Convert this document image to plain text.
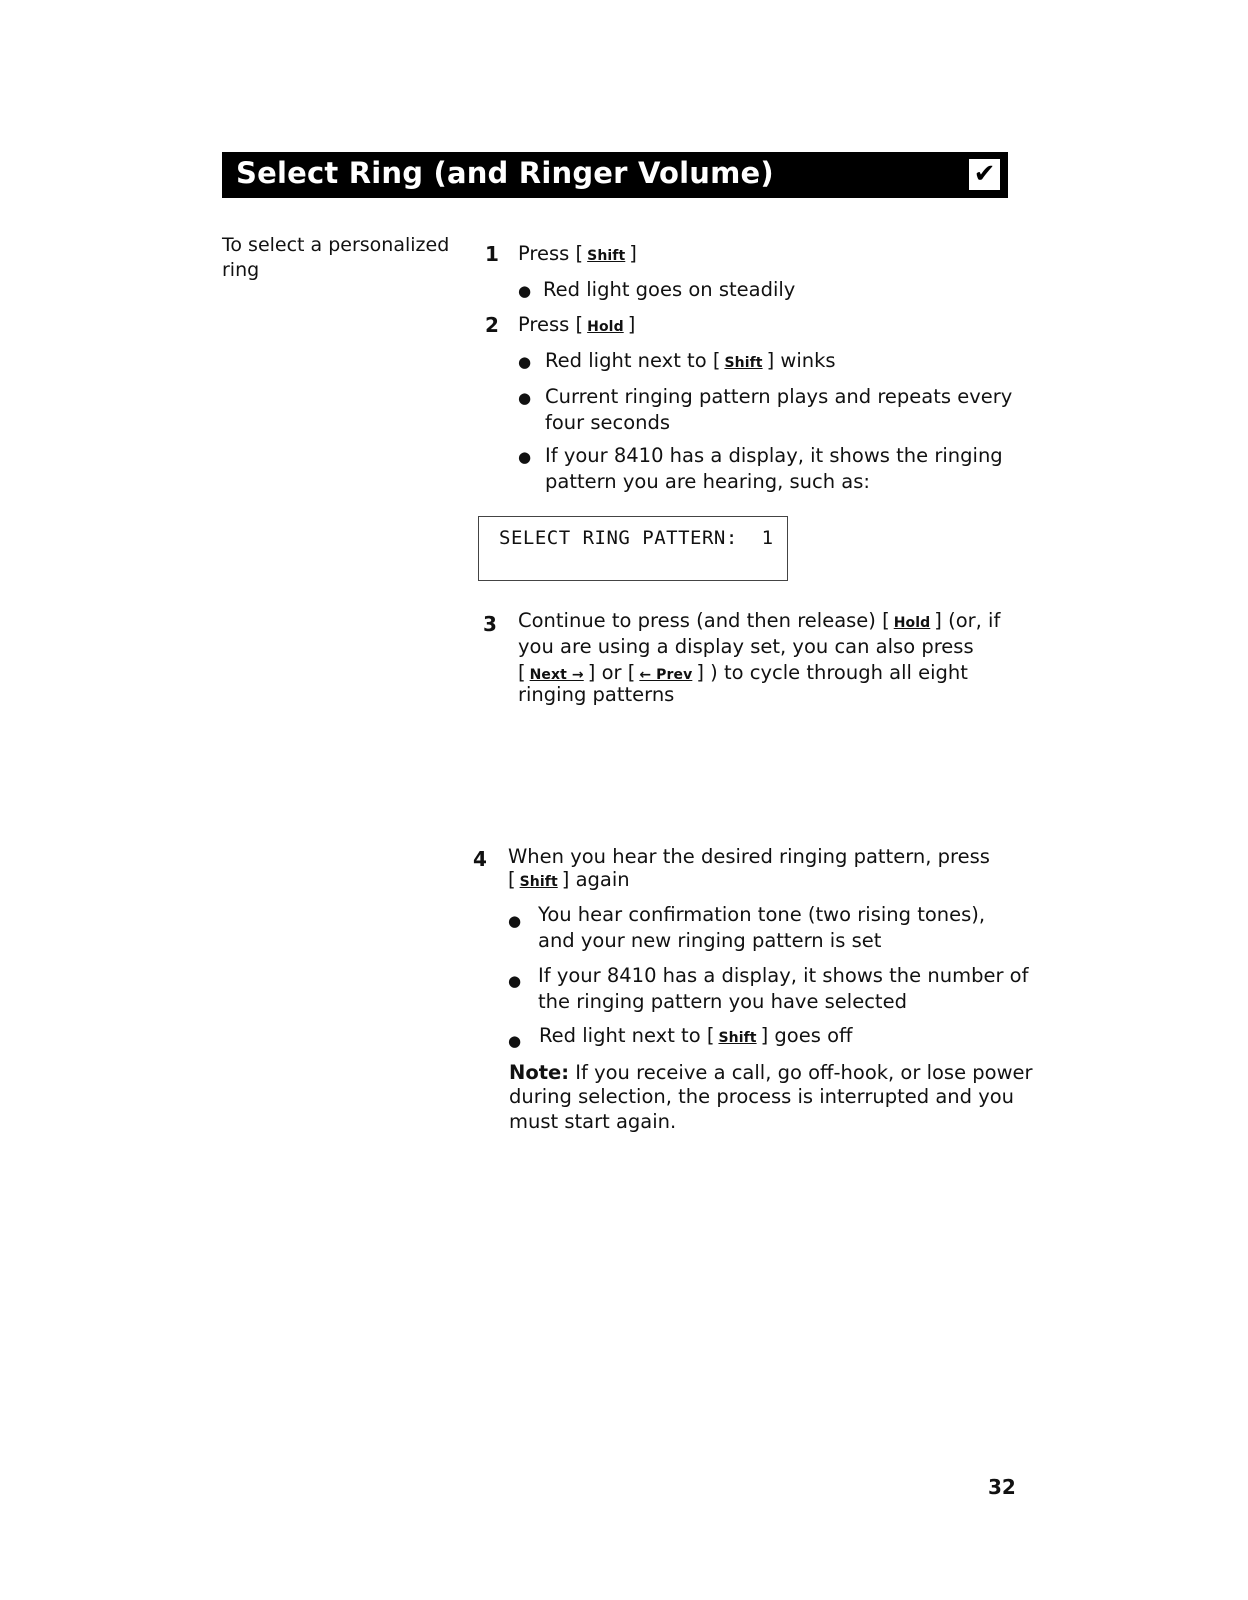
Select Ring (and Ringer Volume)	✔
To select a personalized ring
1 Press [ Shift ]
● Red light goes on steadily
2 Press [ Hold ]
● Red light next to [ Shift ] winks
● Current ringing pattern plays and repeats every
four seconds
● If your 8410 has a display, it shows the ringing
pattern you are hearing, such as:
SELECT RING PATTERN:  1
3 Continue to press (and then release) [ Hold ] (or, if
you are using a display set, you can also press
[ Next → ] or [ ← Prev ] ) to cycle through all eight
ringing patterns
4 When you hear the desired ringing pattern, press
[ Shift ] again
● You hear confirmation tone (two rising tones),
and your new ringing pattern is set
● If your 8410 has a display, it shows the number of
the ringing pattern you have selected
● Red light next to [ Shift ] goes off
Note: If you receive a call, go off-hook, or lose power
during selection, the process is interrupted and you
must start again.
32
